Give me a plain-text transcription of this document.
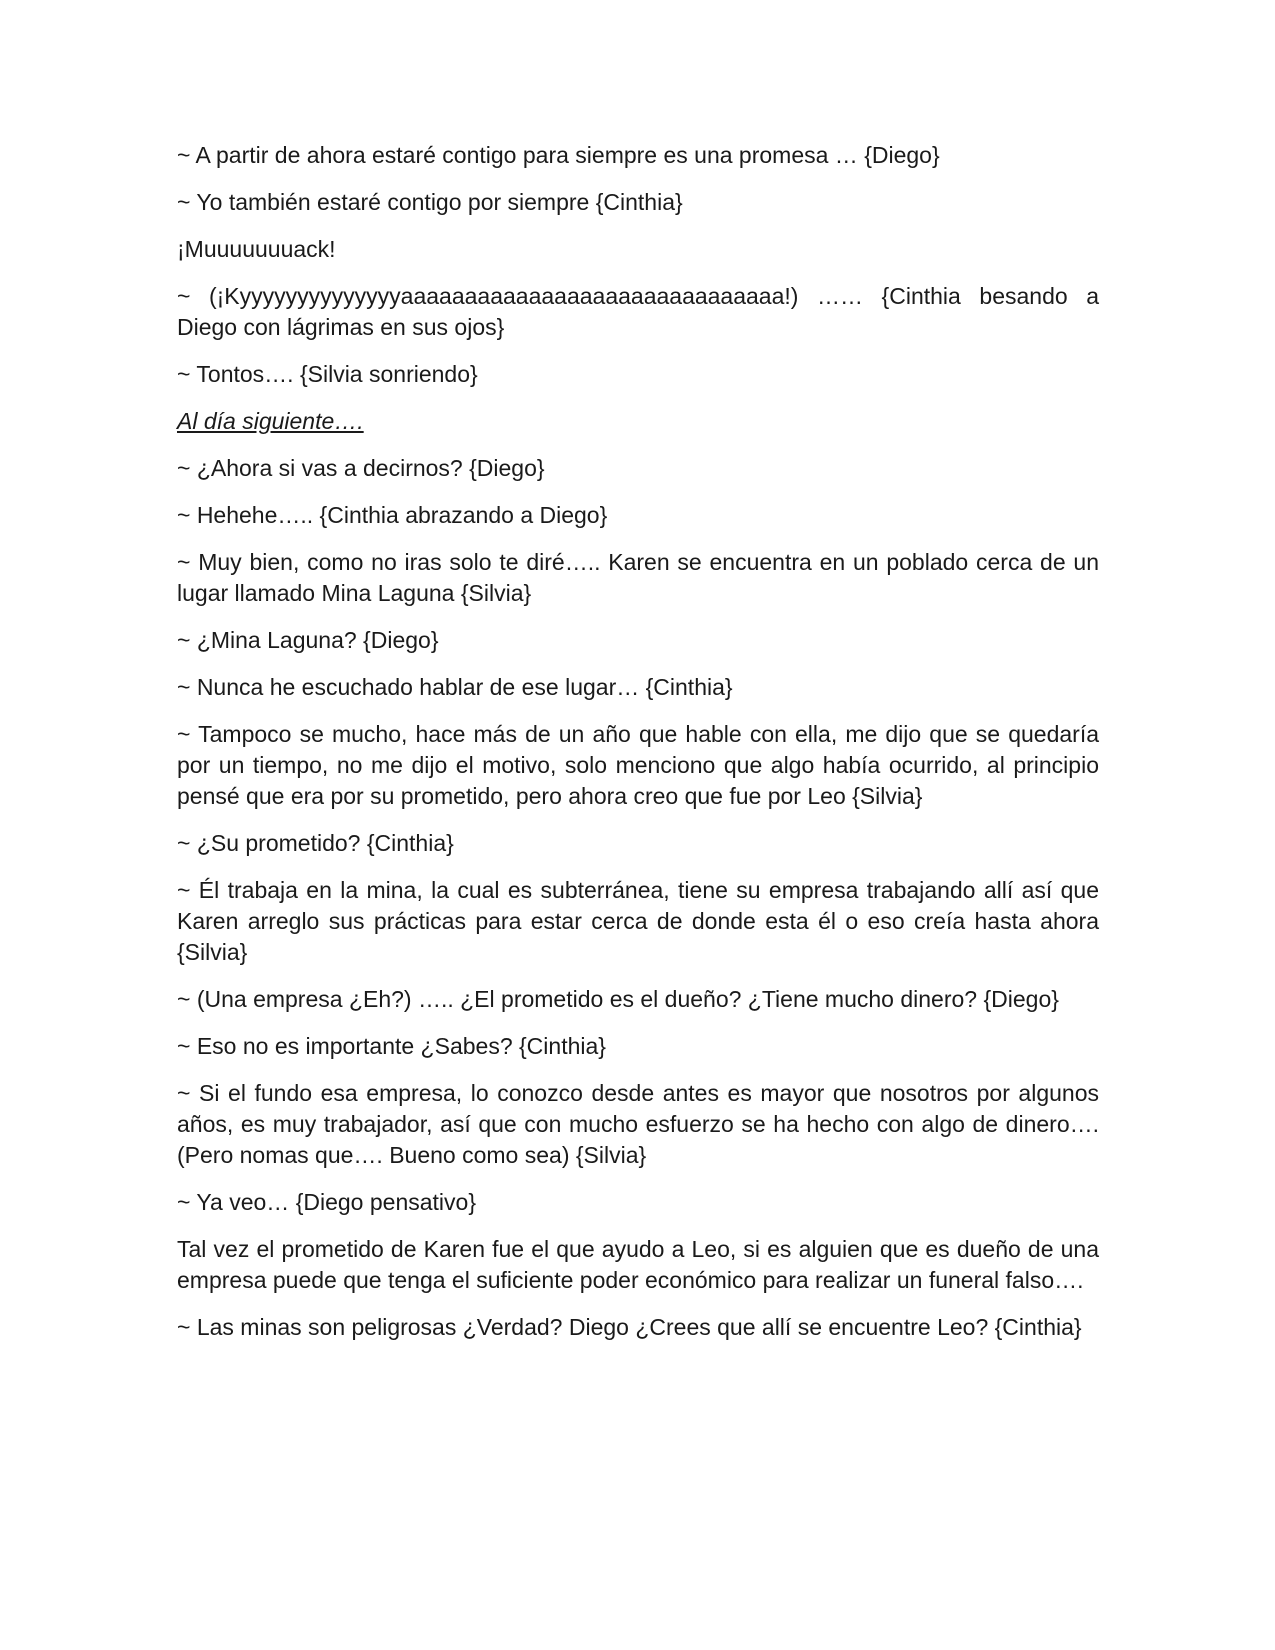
~ A partir de ahora estaré contigo para siempre es una promesa … {Diego}

~ Yo también estaré contigo por siempre {Cinthia}

¡Muuuuuuuack!

~ (¡Kyyyyyyyyyyyyyyaaaaaaaaaaaaaaaaaaaaaaaaaaaaaa!) …… {Cinthia besando a Diego con lágrimas en sus ojos}

~ Tontos…. {Silvia sonriendo}

Al día siguiente….

~ ¿Ahora si vas a decirnos? {Diego}

~ Hehehe….. {Cinthia abrazando a Diego}

~ Muy bien, como no iras solo te diré….. Karen se encuentra en un poblado cerca de un lugar llamado Mina Laguna {Silvia}

~ ¿Mina Laguna? {Diego}

~ Nunca he escuchado hablar de ese lugar… {Cinthia}

~ Tampoco se mucho, hace más de un año que hable con ella, me dijo que se quedaría por un tiempo, no me dijo el motivo, solo menciono que algo había ocurrido, al principio pensé que era por su prometido, pero ahora creo que fue por Leo {Silvia}

~ ¿Su prometido? {Cinthia}

~ Él trabaja en la mina, la cual es subterránea, tiene su empresa trabajando allí así que Karen arreglo sus prácticas para estar cerca de donde esta él o eso creía hasta ahora {Silvia}

~ (Una empresa ¿Eh?) ….. ¿El prometido es el dueño? ¿Tiene mucho dinero? {Diego}

~ Eso no es importante ¿Sabes? {Cinthia}

~ Si el fundo esa empresa, lo conozco desde antes es mayor que nosotros por algunos años, es muy trabajador, así que con mucho esfuerzo se ha hecho con algo de dinero…. (Pero nomas que…. Bueno como sea) {Silvia}

~ Ya veo… {Diego pensativo}

Tal vez el prometido de Karen fue el que ayudo a Leo, si es alguien que es dueño de una empresa puede que tenga el suficiente poder económico para realizar un funeral falso….

~ Las minas son peligrosas ¿Verdad? Diego ¿Crees que allí se encuentre Leo? {Cinthia}
